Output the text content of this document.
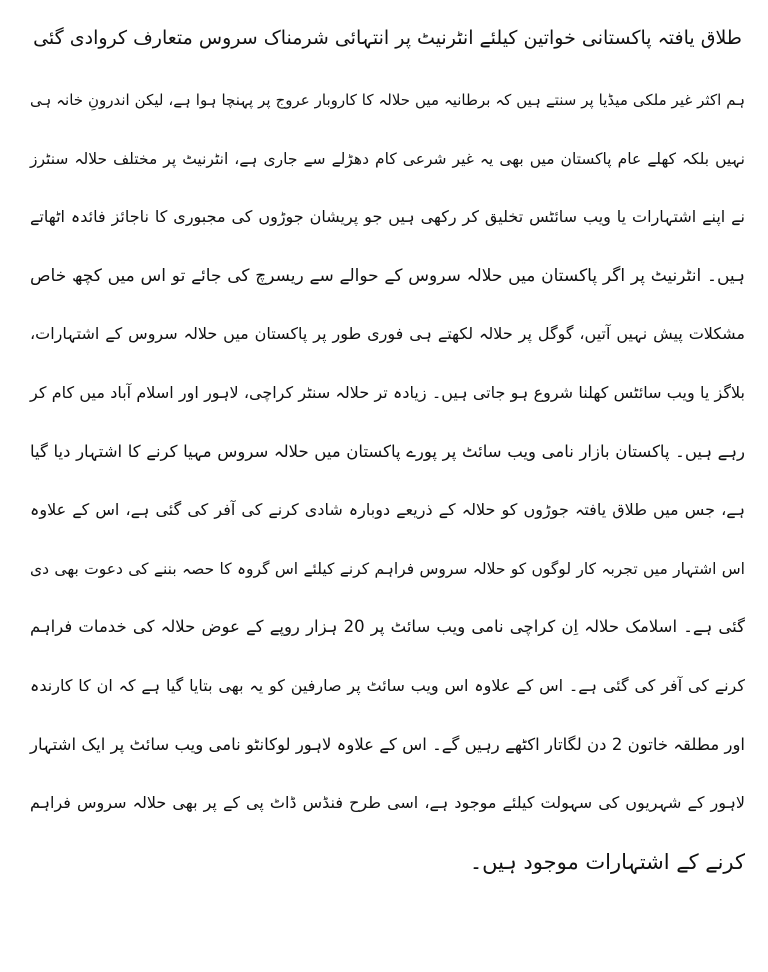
طلاق یافتہ پاکستانی خواتین کیلئے انٹرنیٹ پر انتہائی شرمناک سروس متعارف کروادی گئی
ہم اکثر غیر ملکی میڈیا پر سنتے ہیں کہ برطانیہ میں حلالہ کا کاروبار عروج پر پہنچا ہوا ہے، لیکن اندرونِ خانہ ہی
نہیں بلکہ کھلے عام پاکستان میں بھی یہ غیر شرعی کام دھڑلے سے جاری ہے، انٹرنیٹ پر مختلف حلالہ سنٹرز
نے اپنے اشتہارات یا ویب سائٹس تخلیق کر رکھی ہیں جو پریشان جوڑوں کی مجبوری کا ناجائز فائدہ اٹھاتے
ہیں۔ انٹرنیٹ پر اگر پاکستان میں حلالہ سروس کے حوالے سے ریسرچ کی جائے تو اس میں کچھ خاص
مشکلات پیش نہیں آتیں، گوگل پر حلالہ لکھتے ہی فوری طور پر پاکستان میں حلالہ سروس کے اشتہارات،
بلاگز یا ویب سائٹس کھلنا شروع ہو جاتی ہیں۔ زیادہ تر حلالہ سنٹر کراچی، لاہور اور اسلام آباد میں کام کر
رہے ہیں۔ پاکستان بازار نامی ویب سائٹ پر پورے پاکستان میں حلالہ سروس مہیا کرنے کا اشتہار دیا گیا
ہے، جس میں طلاق یافتہ جوڑوں کو حلالہ کے ذریعے دوبارہ شادی کرنے کی آفر کی گئی ہے، اس کے علاوہ
اس اشتہار میں تجربہ کار لوگوں کو حلالہ سروس فراہم کرنے کیلئے اس گروہ کا حصہ بننے کی دعوت بھی دی
گئی ہے۔ اسلامک حلالہ اِن کراچی نامی ویب سائٹ پر 20 ہزار روپے کے عوض حلالہ کی خدمات فراہم
کرنے کی آفر کی گئی ہے۔ اس کے علاوہ اس ویب سائٹ پر صارفین کو یہ بھی بتایا گیا ہے کہ ان کا کارندہ
اور مطلقہ خاتون 2 دن لگاتار اکٹھے رہیں گے۔ اس کے علاوہ لاہور لوکانٹو نامی ویب سائٹ پر ایک اشتہار
لاہور کے شہریوں کی سہولت کیلئے موجود ہے، اسی طرح فنڈس ڈاٹ پی کے پر بھی حلالہ سروس فراہم
کرنے کے اشتہارات موجود ہیں۔
